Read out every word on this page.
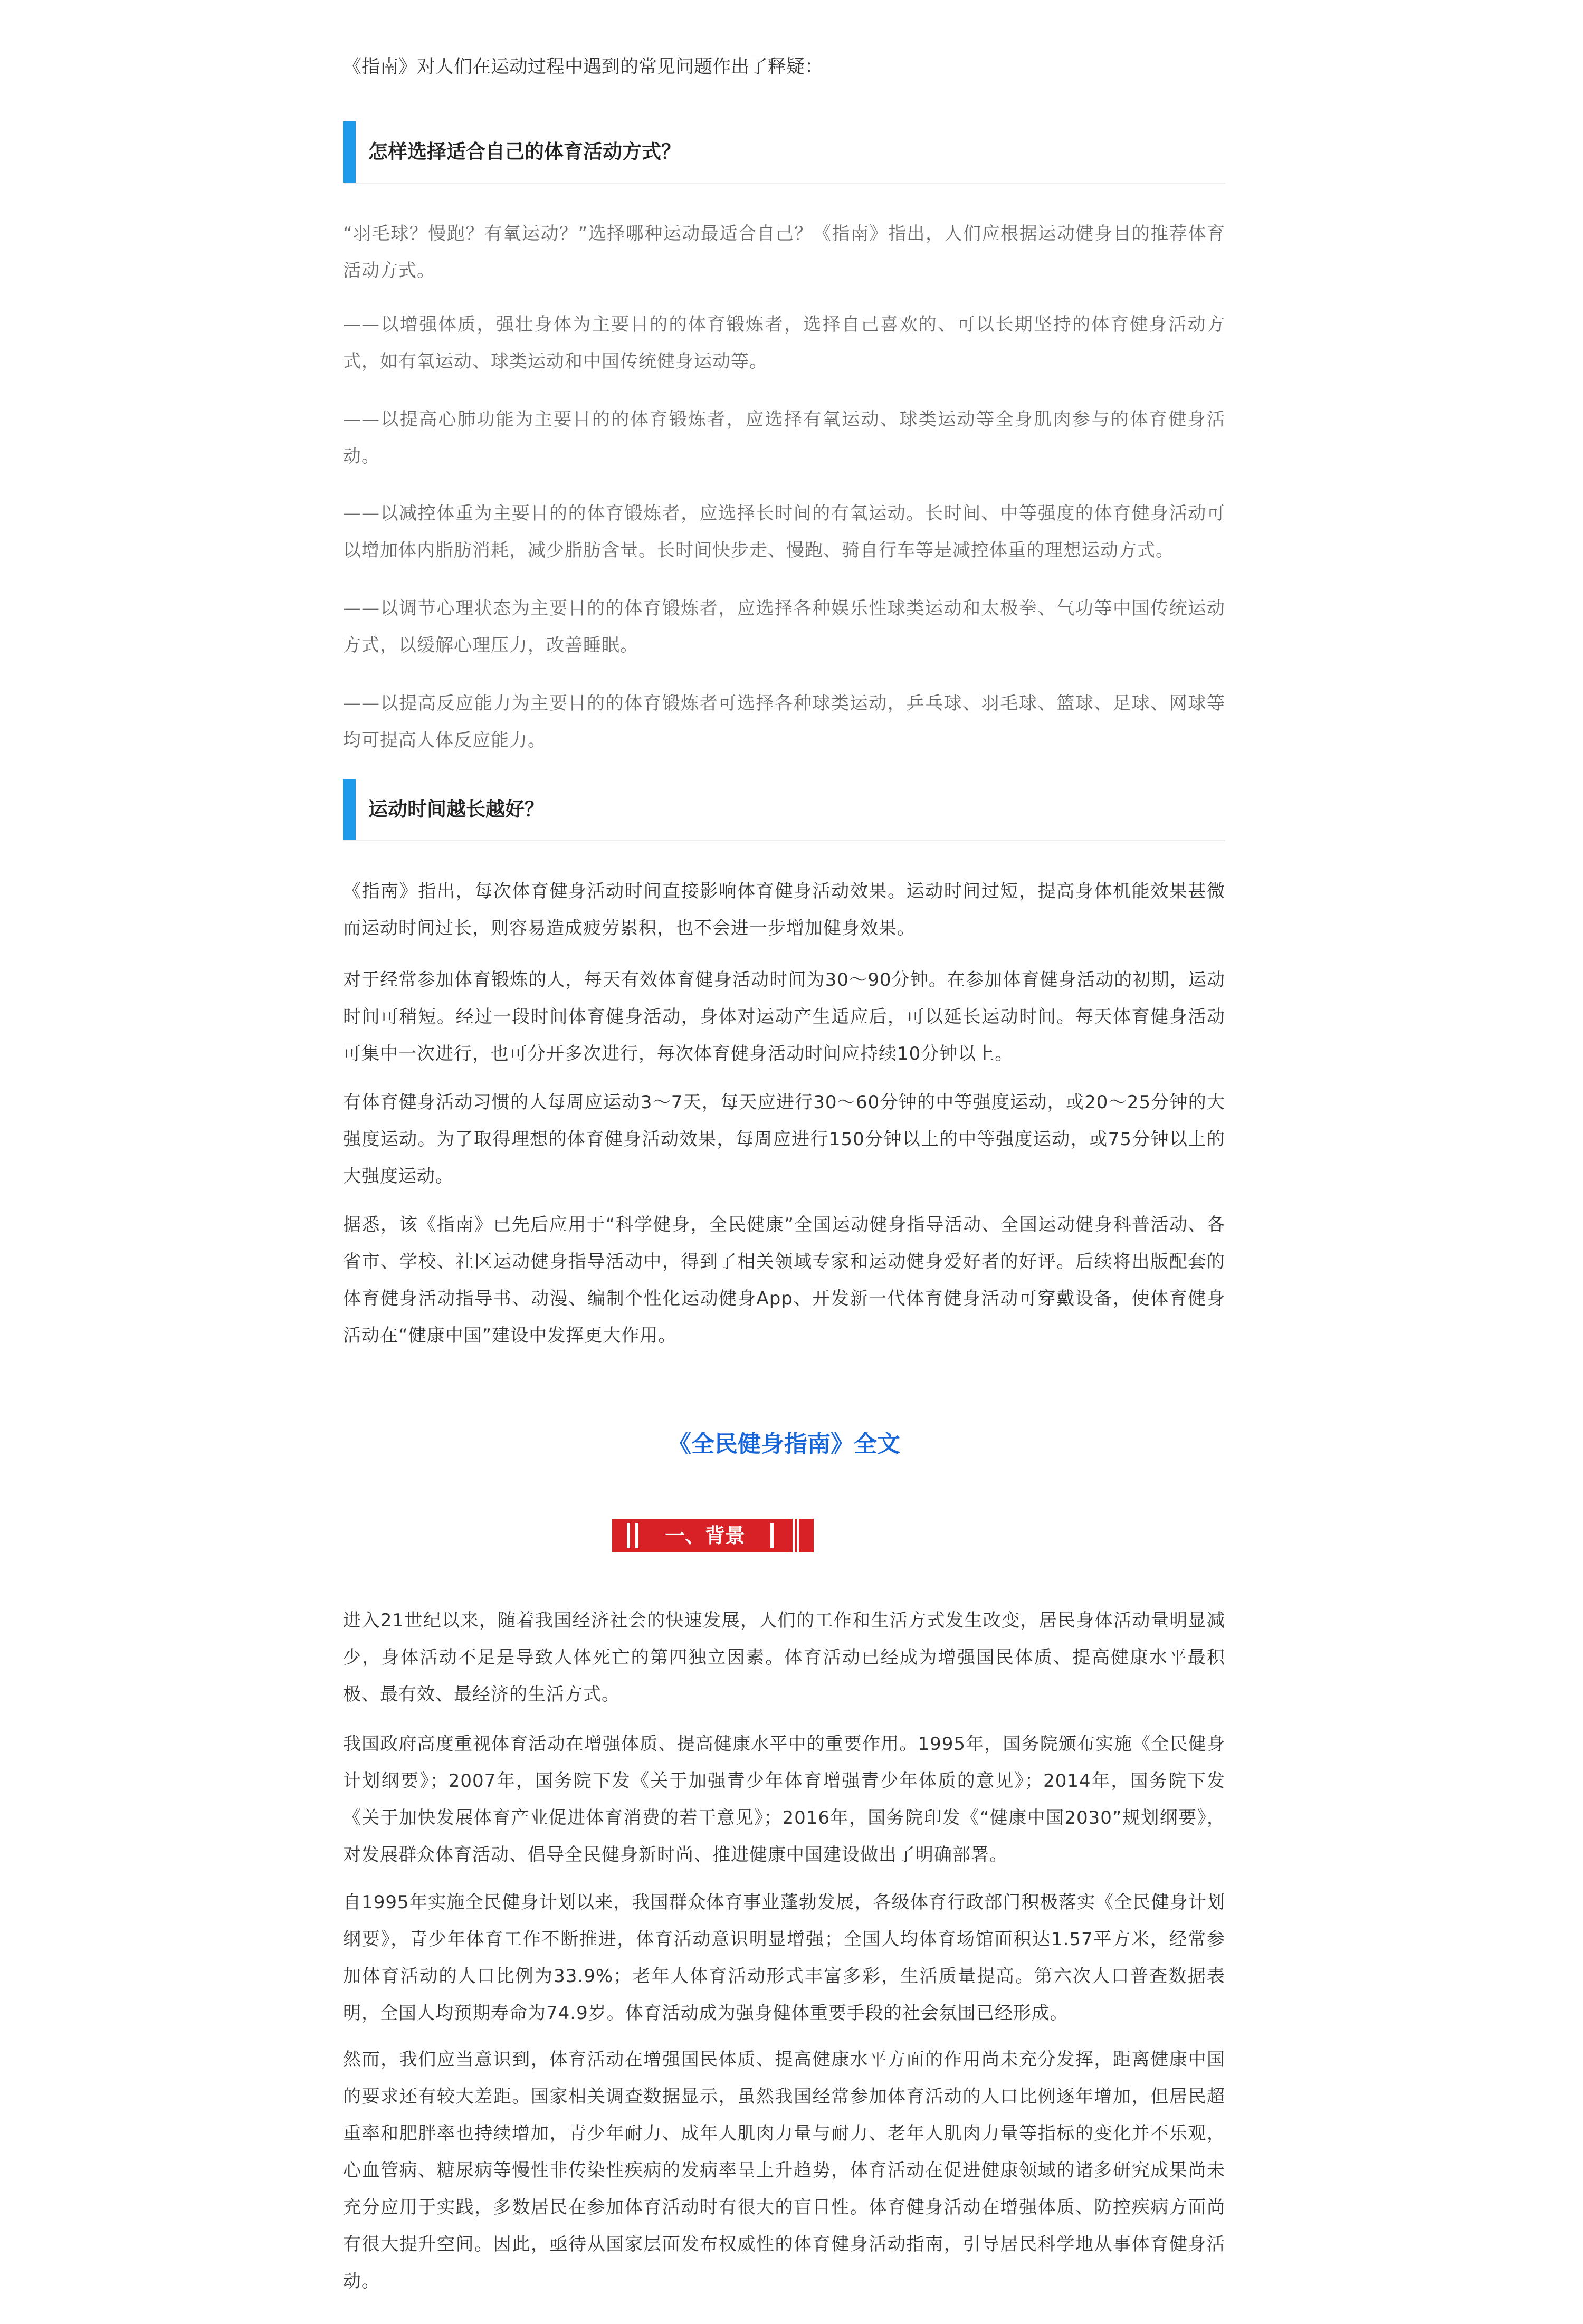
《指南》对人们在运动过程中遇到的常见问题作出了释疑：
怎样选择适合自己的体育活动方式？

“羽毛球？慢跑？有氧运动？”选择哪种运动最适合自己？《指南》指出，人们应根据运动健身目的推荐体育活动方式。

——以增强体质，强壮身体为主要目的的体育锻炼者，选择自己喜欢的、可以长期坚持的体育健身活动方式，如有氧运动、球类运动和中国传统健身运动等。

——以提高心肺功能为主要目的的体育锻炼者，应选择有氧运动、球类运动等全身肌肉参与的体育健身活动。

——以减控体重为主要目的的体育锻炼者，应选择长时间的有氧运动。长时间、中等强度的体育健身活动可以增加体内脂肪消耗，减少脂肪含量。长时间快步走、慢跑、骑自行车等是减控体重的理想运动方式。

——以调节心理状态为主要目的的体育锻炼者，应选择各种娱乐性球类运动和太极拳、气功等中国传统运动方式，以缓解心理压力，改善睡眠。

——以提高反应能力为主要目的的体育锻炼者可选择各种球类运动，乒乓球、羽毛球、篮球、足球、网球等均可提高人体反应能力。

运动时间越长越好？

《指南》指出，每次体育健身活动时间直接影响体育健身活动效果。运动时间过短，提高身体机能效果甚微而运动时间过长，则容易造成疲劳累积，也不会进一步增加健身效果。

对于经常参加体育锻炼的人，每天有效体育健身活动时间为30～90分钟。在参加体育健身活动的初期，运动时间可稍短。经过一段时间体育健身活动，身体对运动产生适应后，可以延长运动时间。每天体育健身活动可集中一次进行，也可分开多次进行，每次体育健身活动时间应持续10分钟以上。

有体育健身活动习惯的人每周应运动3～7天，每天应进行30～60分钟的中等强度运动，或20～25分钟的大强度运动。为了取得理想的体育健身活动效果，每周应进行150分钟以上的中等强度运动，或75分钟以上的大强度运动。

据悉，该《指南》已先后应用于“科学健身，全民健康”全国运动健身指导活动、全国运动健身科普活动、各省市、学校、社区运动健身指导活动中，得到了相关领域专家和运动健身爱好者的好评。后续将出版配套的体育健身活动指导书、动漫、编制个性化运动健身App、开发新一代体育健身活动可穿戴设备，使体育健身活动在“健康中国”建设中发挥更大作用。

《全民健身指南》全文
一、背景

进入21世纪以来，随着我国经济社会的快速发展，人们的工作和生活方式发生改变，居民身体活动量明显减少，身体活动不足是导致人体死亡的第四独立因素。体育活动已经成为增强国民体质、提高健康水平最积极、最有效、最经济的生活方式。

我国政府高度重视体育活动在增强体质、提高健康水平中的重要作用。1995年，国务院颁布实施《全民健身计划纲要》；2007年，国务院下发《关于加强青少年体育增强青少年体质的意见》；2014年，国务院下发《关于加快发展体育产业促进体育消费的若干意见》；2016年，国务院印发《“健康中国2030”规划纲要》，对发展群众体育活动、倡导全民健身新时尚、推进健康中国建设做出了明确部署。

自1995年实施全民健身计划以来，我国群众体育事业蓬勃发展，各级体育行政部门积极落实《全民健身计划纲要》，青少年体育工作不断推进，体育活动意识明显增强；全国人均体育场馆面积达1.57平方米，经常参加体育活动的人口比例为33.9%；老年人体育活动形式丰富多彩，生活质量提高。第六次人口普查数据表明，全国人均预期寿命为74.9岁。体育活动成为强身健体重要手段的社会氛围已经形成。

然而，我们应当意识到，体育活动在增强国民体质、提高健康水平方面的作用尚未充分发挥，距离健康中国的要求还有较大差距。国家相关调查数据显示，虽然我国经常参加体育活动的人口比例逐年增加，但居民超重率和肥胖率也持续增加，青少年耐力、成年人肌肉力量与耐力、老年人肌肉力量等指标的变化并不乐观，心血管病、糖尿病等慢性非传染性疾病的发病率呈上升趋势，体育活动在促进健康领域的诸多研究成果尚未充分应用于实践，多数居民在参加体育活动时有很大的盲目性。体育健身活动在增强体质、防控疾病方面尚有很大提升空间。因此，亟待从国家层面发布权威性的体育健身活动指南，引导居民科学地从事体育健身活动。
